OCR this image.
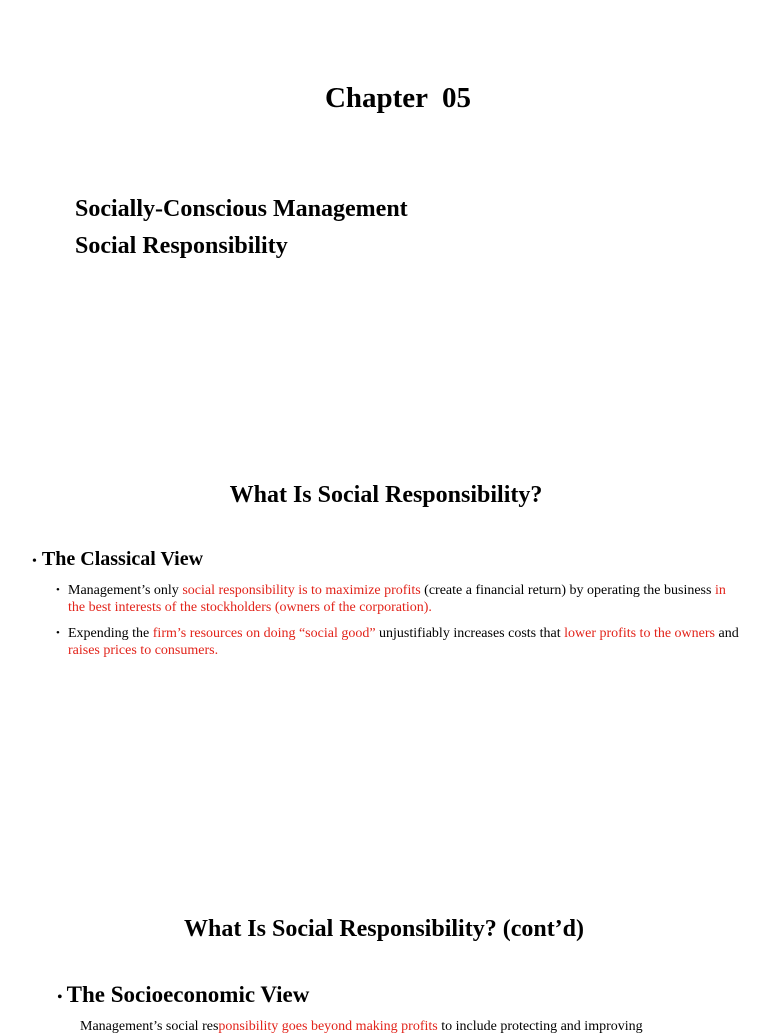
Chapter  05
Socially-Conscious Management
Social Responsibility
What Is Social Responsibility?
• The Classical View
• Management’s only social responsibility is to maximize profits (create a financial return) by operating the business in the best interests of the stockholders (owners of the corporation).
• Expending the firm’s resources on doing “social good” unjustifiably increases costs that lower profits to the owners and raises prices to consumers.
What Is Social Responsibility? (cont’d)
• The Socioeconomic View
Management’s social responsibility goes beyond making profits to include protecting and improving
